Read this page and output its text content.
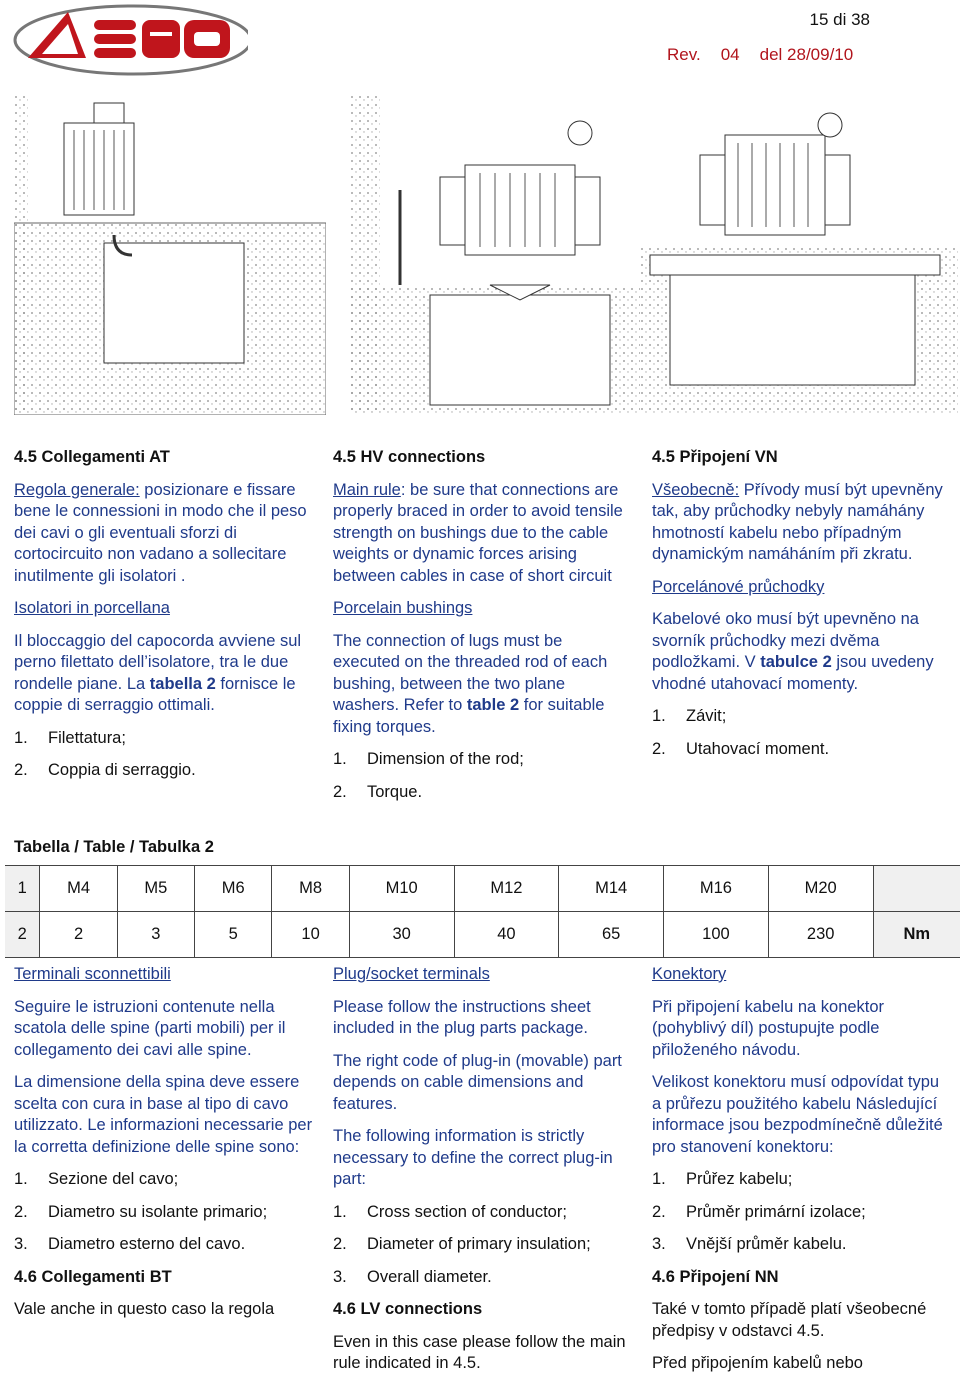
15 di 38
Rev. 04 del 28/09/10

4.5 Collegamenti AT

Regola generale: posizionare e fissare bene le connessioni in modo che il peso dei cavi o gli eventuali sforzi di cortocircuito non vadano a sollecitare inutilmente gli isolatori .

Isolatori in porcellana

Il bloccaggio del capocorda avviene sul perno filettato dell’isolatore, tra le due rondelle piane. La tabella 2 fornisce le coppie di serraggio ottimali.

1. Filettatura;
2. Coppia di serraggio.

4.5 HV connections

Main rule: be sure that connections are properly braced in order to avoid tensile strength on bushings due to the cable weights or dynamic forces arising between cables in case of short circuit

Porcelain bushings

The connection of lugs must be executed on the threaded rod of each bushing, between the two plane washers. Refer to table 2 for suitable fixing torques.

1. Dimension of the rod;
2. Torque.

4.5 Připojení VN

Všeobecně: Přívody musí být upevněny tak, aby průchodky nebyly namáhány hmotností kabelu nebo případným dynamickým namáháním při zkratu.

Porcelánové průchodky

Kabelové oko musí být upevněno na svorník průchodky mezi dvěma podložkami. V tabulce 2 jsou uvedeny vhodné utahovací momenty.

1. Závit;
2. Utahovací moment.
Tabella / Table / Tabulka 2
1	M4	M5	M6	M8	M10	M12	M14	M16	M20	
2	2	3	5	10	30	40	65	100	230	Nm

Terminali sconnettibili

Seguire le istruzioni contenute nella scatola delle spine (parti mobili) per il collegamento dei cavi alle spine.

La dimensione della spina deve essere scelta con cura in base al tipo di cavo utilizzato. Le informazioni necessarie per la corretta definizione delle spine sono:

1. Sezione del cavo;
2. Diametro su isolante primario;
3. Diametro esterno del cavo.

4.6 Collegamenti BT

Vale anche in questo caso la regola

Plug/socket terminals

Please follow the instructions sheet included in the plug parts package.

The right code of plug-in (movable) part depends on cable dimensions and features.

The following information is strictly necessary to define the correct plug-in part:

1. Cross section of conductor;
2. Diameter of primary insulation;
3. Overall diameter.

4.6 LV connections

Even in this case please follow the main rule indicated in 4.5.

Konektory

Při připojení kabelu na konektor (pohyblivý díl) postupujte podle přiloženého návodu.

Velikost konektoru musí odpovídat typu a průřezu použitého kabelu Následující informace jsou bezpodmínečně důležité pro stanovení konektoru:

1. Průřez kabelu;
2. Průměr primární izolace;
3. Vnější průměr kabelu.

4.6 Připojení NN

Také v tomto případě platí všeobecné předpisy v odstavci 4.5.

Před připojením kabelů nebo
